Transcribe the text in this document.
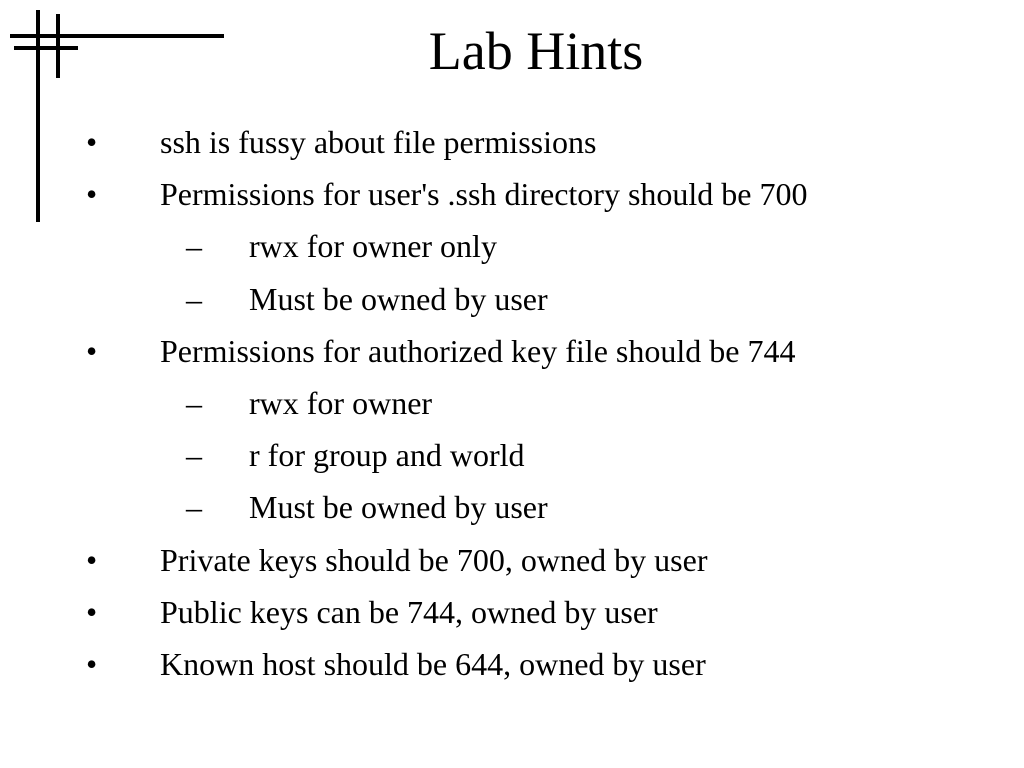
Lab Hints
• ssh is fussy about file permissions
• Permissions for user's .ssh directory should be 700
– rwx for owner only
– Must be owned by user
• Permissions for authorized key file should be 744
– rwx for owner
– r for group and world
– Must be owned by user
• Private keys should be 700, owned by user
• Public keys can be 744, owned by user
• Known host should be 644, owned by user
